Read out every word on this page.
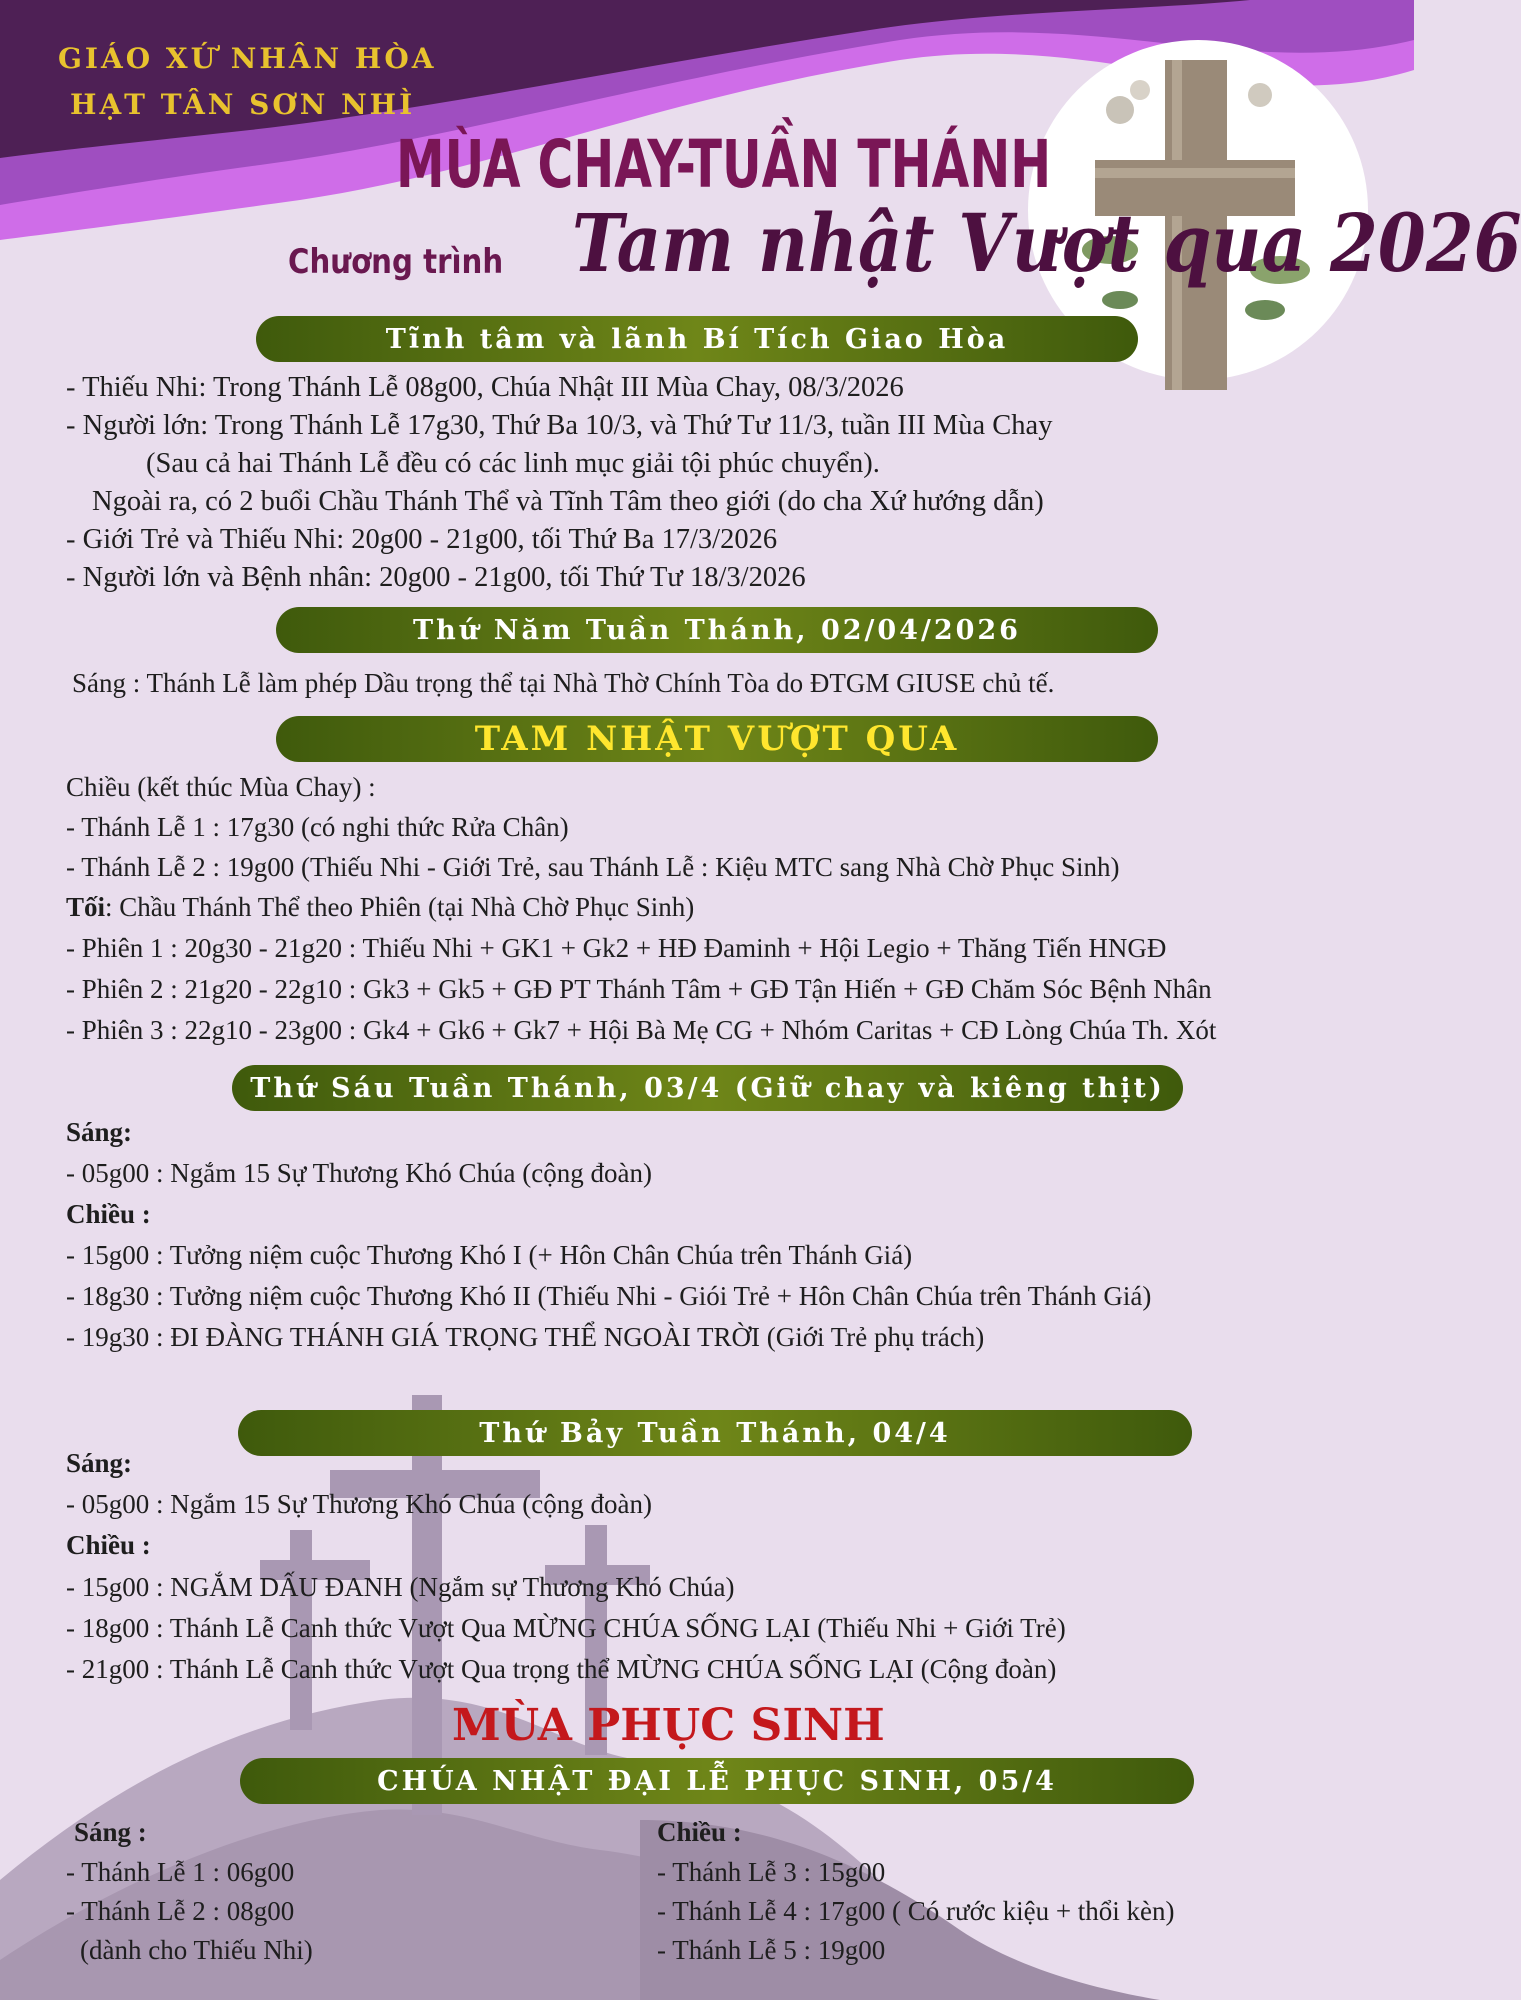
GIÁO XỨ NHÂN HÒA
HẠT TÂN SƠN NHÌ
MÙA CHAY-TUẦN THÁNH
Chương trình Tam nhật Vượt qua 2026
Tĩnh tâm và lãnh Bí Tích Giao Hòa
- Thiếu Nhi: Trong Thánh Lễ 08g00, Chúa Nhật III Mùa Chay, 08/3/2026
- Người lớn: Trong Thánh Lễ 17g30, Thứ Ba 10/3, và Thứ Tư 11/3, tuần III Mùa Chay
(Sau cả hai Thánh Lễ đều có các linh mục giải tội phúc chuyển).
Ngoài ra, có 2 buổi Chầu Thánh Thể và Tĩnh Tâm theo giới (do cha Xứ hướng dẫn)
- Giới Trẻ và Thiếu Nhi: 20g00 - 21g00, tối Thứ Ba 17/3/2026
- Người lớn và Bệnh nhân: 20g00 - 21g00, tối Thứ Tư 18/3/2026
Thứ Năm Tuần Thánh, 02/04/2026
Sáng : Thánh Lễ làm phép Dầu trọng thể tại Nhà Thờ Chính Tòa do ĐTGM GIUSE chủ tế.
TAM NHẬT VƯỢT QUA
Chiều (kết thúc Mùa Chay) :
- Thánh Lễ 1 : 17g30 (có nghi thức Rửa Chân)
- Thánh Lễ 2 : 19g00 (Thiếu Nhi - Giới Trẻ, sau Thánh Lễ : Kiệu MTC sang Nhà Chờ Phục Sinh)
Tối: Chầu Thánh Thể theo Phiên (tại Nhà Chờ Phục Sinh)
- Phiên 1 : 20g30 - 21g20 : Thiếu Nhi + GK1 + Gk2 + HĐ Đaminh + Hội Legio + Thăng Tiến HNGĐ
- Phiên 2 : 21g20 - 22g10 : Gk3 + Gk5 + GĐ PT Thánh Tâm + GĐ Tận Hiến + GĐ Chăm Sóc Bệnh Nhân
- Phiên 3 : 22g10 - 23g00 : Gk4 + Gk6 + Gk7 + Hội Bà Mẹ CG + Nhóm Caritas + CĐ Lòng Chúa Th. Xót
Thứ Sáu Tuần Thánh, 03/4 (Giữ chay và kiêng thịt)
Sáng:
- 05g00 : Ngắm 15 Sự Thương Khó Chúa (cộng đoàn)
Chiều :
- 15g00 : Tưởng niệm cuộc Thương Khó I (+ Hôn Chân Chúa trên Thánh Giá)
- 18g30 : Tưởng niệm cuộc Thương Khó II (Thiếu Nhi - Giói Trẻ + Hôn Chân Chúa trên Thánh Giá)
- 19g30 : ĐI ĐÀNG THÁNH GIÁ TRỌNG THỂ NGOÀI TRỜI (Giới Trẻ phụ trách)
Thứ Bảy Tuần Thánh, 04/4
Sáng:
- 05g00 : Ngắm 15 Sự Thương Khó Chúa (cộng đoàn)
Chiều :
- 15g00 : NGẮM DẤU ĐANH (Ngắm sự Thương Khó Chúa)
- 18g00 : Thánh Lễ Canh thức Vượt Qua MỪNG CHÚA SỐNG LẠI (Thiếu Nhi + Giới Trẻ)
- 21g00 : Thánh Lễ Canh thức Vượt Qua trọng thể MỪNG CHÚA SỐNG LẠI (Cộng đoàn)
MÙA PHỤC SINH
CHÚA NHẬT ĐẠI LỄ PHỤC SINH, 05/4
Sáng :
- Thánh Lễ 1 : 06g00
- Thánh Lễ 2 : 08g00
(dành cho Thiếu Nhi)
Chiều :
- Thánh Lễ 3 : 15g00
- Thánh Lễ 4 : 17g00 ( Có rước kiệu + thổi kèn)
- Thánh Lễ 5 : 19g00
